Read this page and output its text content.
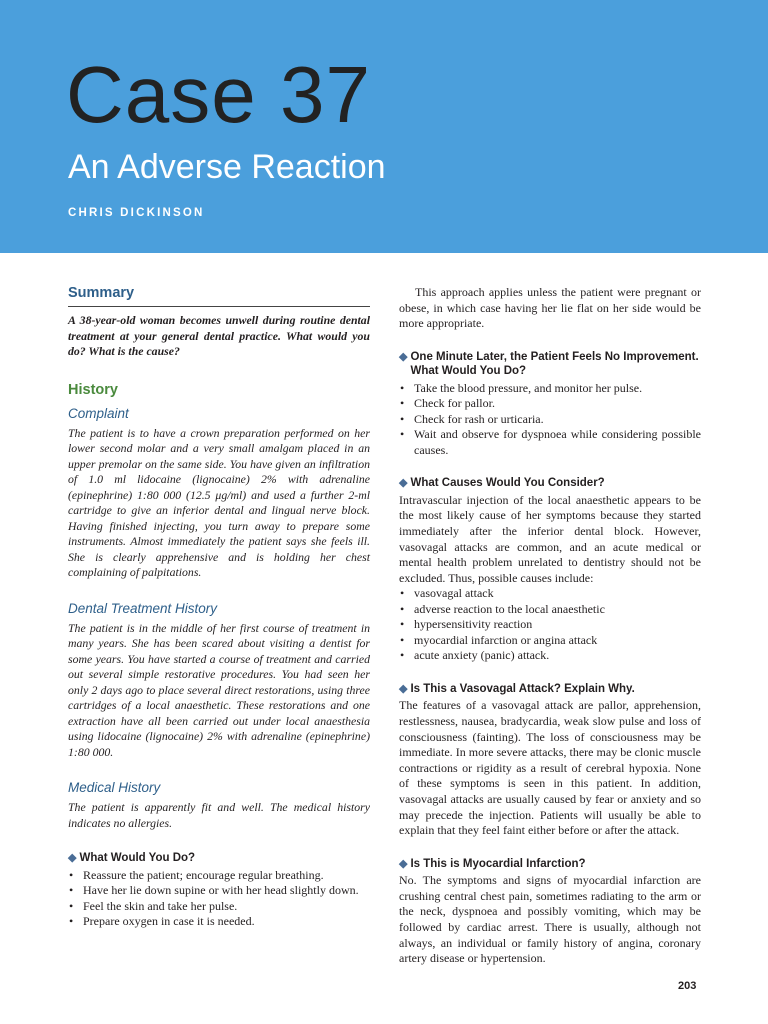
Case 37
An Adverse Reaction
CHRIS DICKINSON
Summary

A 38-year-old woman becomes unwell during routine dental treatment at your general dental practice. What would you do? What is the cause?

History
Complaint

The patient is to have a crown preparation performed on her lower second molar and a very small amalgam placed in an upper premolar on the same side. You have given an infiltration of 1.0 ml lidocaine (lignocaine) 2% with adrenaline (epinephrine) 1:80 000 (12.5 μg/ml) and used a further 2-ml cartridge to give an inferior dental and lingual nerve block. Having finished injecting, you turn away to prepare some instruments. Almost immediately the patient says she feels ill. She is clearly apprehensive and is holding her chest complaining of palpitations.

Dental Treatment History

The patient is in the middle of her first course of treatment in many years. She has been scared about visiting a dentist for some years. You have started a course of treatment and carried out several simple restorative procedures. You had seen her only 2 days ago to place several direct restorations, using three cartridges of a local anaesthetic. These restorations and one extraction have all been carried out under local anaesthesia using lidocaine (lignocaine) 2% with adrenaline (epinephrine) 1:80 000.

Medical History

The patient is apparently fit and well. The medical history indicates no allergies.

◆ What Would You Do?
• Reassure the patient; encourage regular breathing.
• Have her lie down supine or with her head slightly down.
• Feel the skin and take her pulse.
• Prepare oxygen in case it is needed.

This approach applies unless the patient were pregnant or obese, in which case having her lie flat on her side would be more appropriate.

◆ One Minute Later, the Patient Feels No Improvement. What Would You Do?
• Take the blood pressure, and monitor her pulse.
• Check for pallor.
• Check for rash or urticaria.
• Wait and observe for dyspnoea while considering possible causes.
◆ What Causes Would You Consider?

Intravascular injection of the local anaesthetic appears to be the most likely cause of her symptoms because they started immediately after the inferior dental block. However, vasovagal attacks are common, and an acute medical or mental health problem unrelated to dentistry should not be excluded. Thus, possible causes include:

• vasovagal attack
• adverse reaction to the local anaesthetic
• hypersensitivity reaction
• myocardial infarction or angina attack
• acute anxiety (panic) attack.
◆ Is This a Vasovagal Attack? Explain Why.

The features of a vasovagal attack are pallor, apprehension, restlessness, nausea, bradycardia, weak slow pulse and loss of consciousness (fainting). The loss of consciousness may be immediate. In more severe attacks, there may be clonic muscle contractions or rigidity as a result of cerebral hypoxia. None of these symptoms is seen in this patient. In addition, vasovagal attacks are usually caused by fear or anxiety and so may precede the injection. Patients will usually be able to explain that they feel faint either before or after the attack.

◆ Is This is Myocardial Infarction?

No. The symptoms and signs of myocardial infarction are crushing central chest pain, sometimes radiating to the arm or the neck, dyspnoea and possibly vomiting, which may be followed by cardiac arrest. There is usually, although not always, an individual or family history of angina, coronary artery disease or hypertension.

203
